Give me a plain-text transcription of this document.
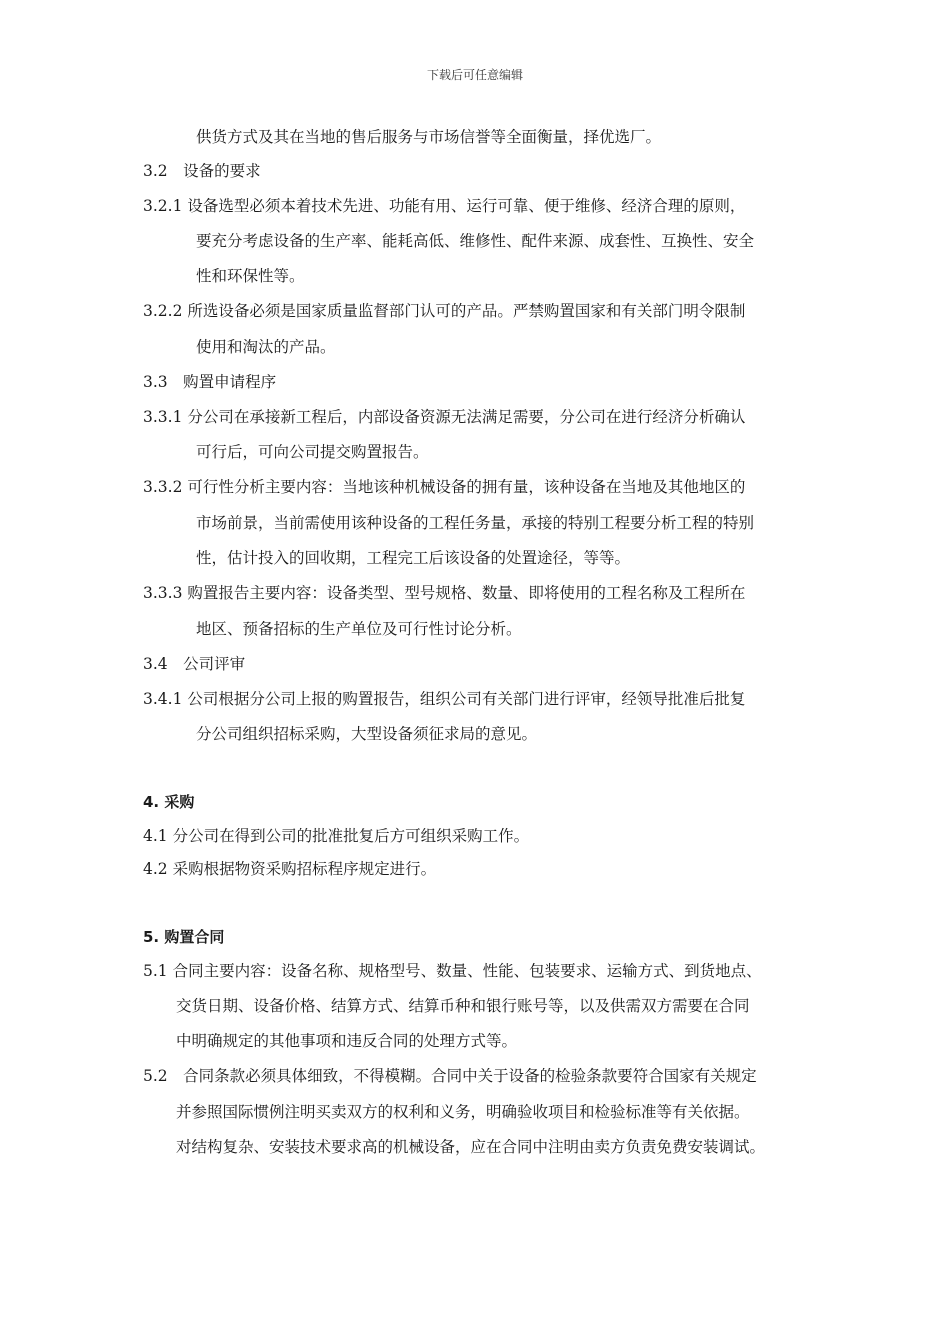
下载后可任意编辑
供货方式及其在当地的售后服务与市场信誉等全面衡量，择优选厂。
3.2　设备的要求
3.2.1 设备选型必须本着技术先进、功能有用、运行可靠、便于维修、经济合理的原则，
要充分考虑设备的生产率、能耗高低、维修性、配件来源、成套性、互换性、安全
性和环保性等。
3.2.2 所选设备必须是国家质量监督部门认可的产品。严禁购置国家和有关部门明令限制
使用和淘汰的产品。
3.3　购置申请程序
3.3.1 分公司在承接新工程后，内部设备资源无法满足需要，分公司在进行经济分析确认
可行后，可向公司提交购置报告。
3.3.2 可行性分析主要内容：当地该种机械设备的拥有量，该种设备在当地及其他地区的
市场前景，当前需使用该种设备的工程任务量，承接的特别工程要分析工程的特别
性，估计投入的回收期，工程完工后该设备的处置途径，等等。
3.3.3 购置报告主要内容：设备类型、型号规格、数量、即将使用的工程名称及工程所在
地区、预备招标的生产单位及可行性讨论分析。
3.4　公司评审
3.4.1 公司根据分公司上报的购置报告，组织公司有关部门进行评审，经领导批准后批复
分公司组织招标采购，大型设备须征求局的意见。
4. 采购
4.1 分公司在得到公司的批准批复后方可组织采购工作。
4.2 采购根据物资采购招标程序规定进行。
5. 购置合同
5.1 合同主要内容：设备名称、规格型号、数量、性能、包装要求、运输方式、到货地点、
交货日期、设备价格、结算方式、结算币种和银行账号等，以及供需双方需要在合同
中明确规定的其他事项和违反合同的处理方式等。
5.2　合同条款必须具体细致，不得模糊。合同中关于设备的检验条款要符合国家有关规定
并参照国际惯例注明买卖双方的权利和义务，明确验收项目和检验标准等有关依据。
对结构复杂、安装技术要求高的机械设备，应在合同中注明由卖方负责免费安装调试。
